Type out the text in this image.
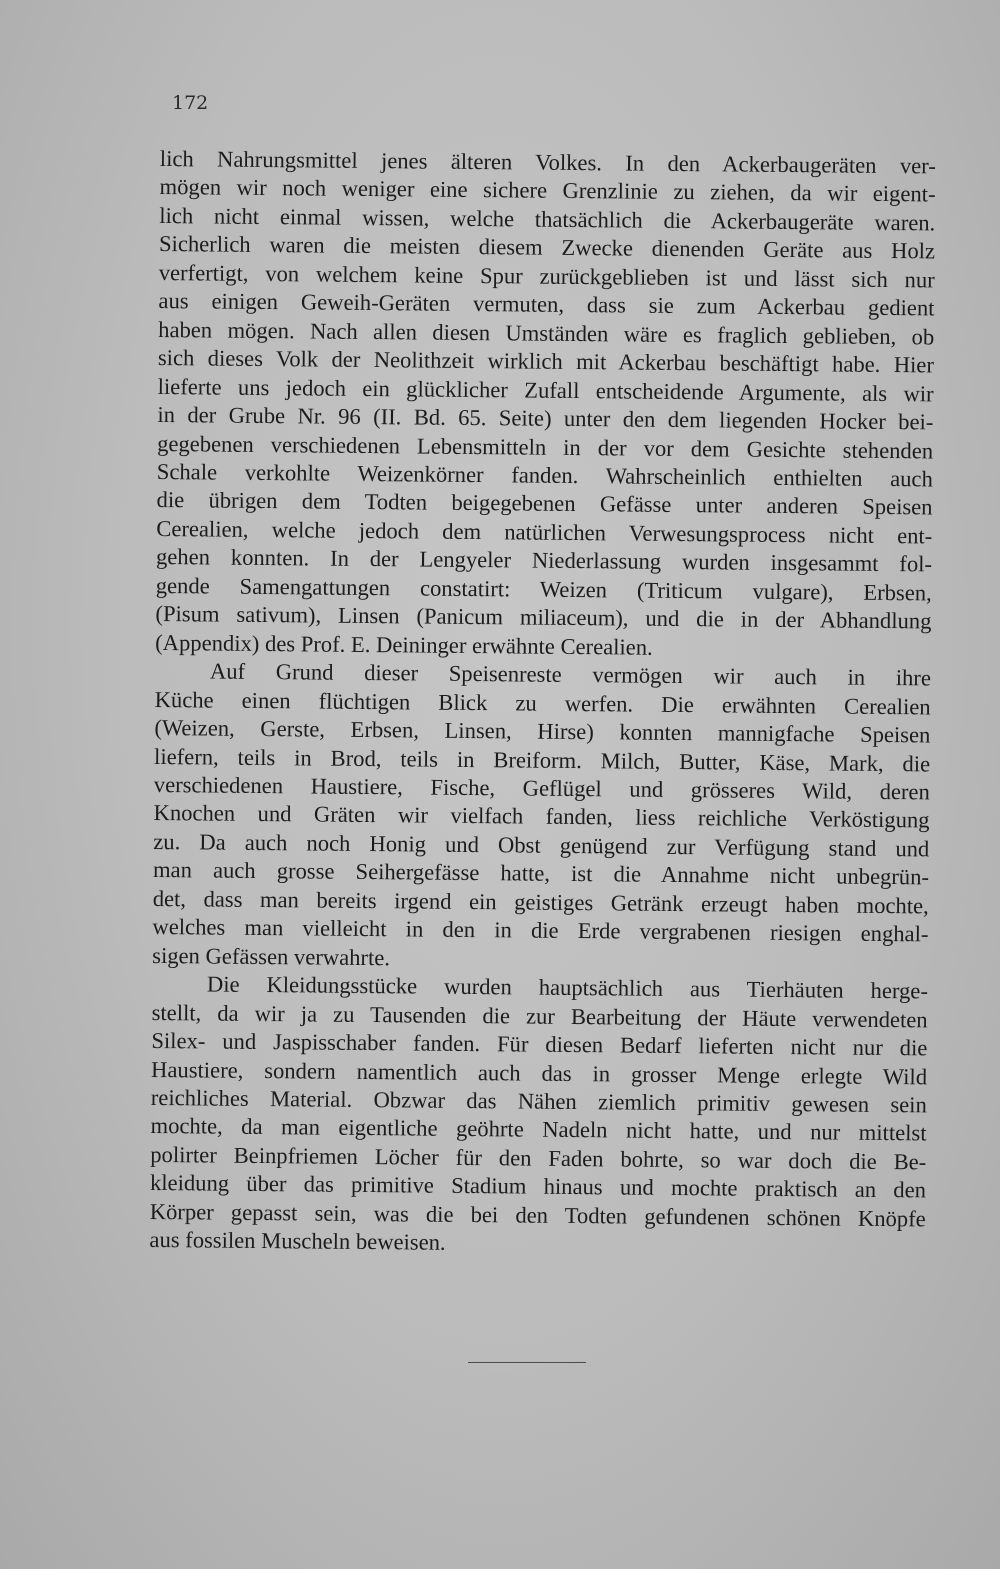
172

lich Nahrungsmittel jenes älteren Volkes. In den Ackerbaugeräten ver-
mögen wir noch weniger eine sichere Grenzlinie zu ziehen, da wir eigent-
lich nicht einmal wissen, welche thatsächlich die Ackerbaugeräte waren.
Sicherlich waren die meisten diesem Zwecke dienenden Geräte aus Holz
verfertigt, von welchem keine Spur zurückgeblieben ist und lässt sich nur
aus einigen Geweih-Geräten vermuten, dass sie zum Ackerbau gedient
haben mögen. Nach allen diesen Umständen wäre es fraglich geblieben, ob
sich dieses Volk der Neolithzeit wirklich mit Ackerbau beschäftigt habe. Hier
lieferte uns jedoch ein glücklicher Zufall entscheidende Argumente, als wir
in der Grube Nr. 96 (II. Bd. 65. Seite) unter den dem liegenden Hocker bei-
gegebenen verschiedenen Lebensmitteln in der vor dem Gesichte stehenden
Schale verkohlte Weizenkörner fanden. Wahrscheinlich enthielten auch
die übrigen dem Todten beigegebenen Gefässe unter anderen Speisen
Cerealien, welche jedoch dem natürlichen Verwesungsprocess nicht ent-
gehen konnten. In der Lengyeler Niederlassung wurden insgesammt fol-
gende Samengattungen constatirt: Weizen (Triticum vulgare), Erbsen,
(Pisum sativum), Linsen (Panicum miliaceum), und die in der Abhandlung
(Appendix) des Prof. E. Deininger erwähnte Cerealien.

Auf Grund dieser Speisenreste vermögen wir auch in ihre
Küche einen flüchtigen Blick zu werfen. Die erwähnten Cerealien
(Weizen, Gerste, Erbsen, Linsen, Hirse) konnten mannigfache Speisen
liefern, teils in Brod, teils in Breiform. Milch, Butter, Käse, Mark, die
verschiedenen Haustiere, Fische, Geflügel und grösseres Wild, deren
Knochen und Gräten wir vielfach fanden, liess reichliche Verköstigung
zu. Da auch noch Honig und Obst genügend zur Verfügung stand und
man auch grosse Seihergefässe hatte, ist die Annahme nicht unbegrün-
det, dass man bereits irgend ein geistiges Getränk erzeugt haben mochte,
welches man vielleicht in den in die Erde vergrabenen riesigen enghal-
sigen Gefässen verwahrte.

Die Kleidungsstücke wurden hauptsächlich aus Tierhäuten herge-
stellt, da wir ja zu Tausenden die zur Bearbeitung der Häute verwendeten
Silex- und Jaspisschaber fanden. Für diesen Bedarf lieferten nicht nur die
Haustiere, sondern namentlich auch das in grosser Menge erlegte Wild
reichliches Material. Obzwar das Nähen ziemlich primitiv gewesen sein
mochte, da man eigentliche geöhrte Nadeln nicht hatte, und nur mittelst
polirter Beinpfriemen Löcher für den Faden bohrte, so war doch die Be-
kleidung über das primitive Stadium hinaus und mochte praktisch an den
Körper gepasst sein, was die bei den Todten gefundenen schönen Knöpfe
aus fossilen Muscheln beweisen.
